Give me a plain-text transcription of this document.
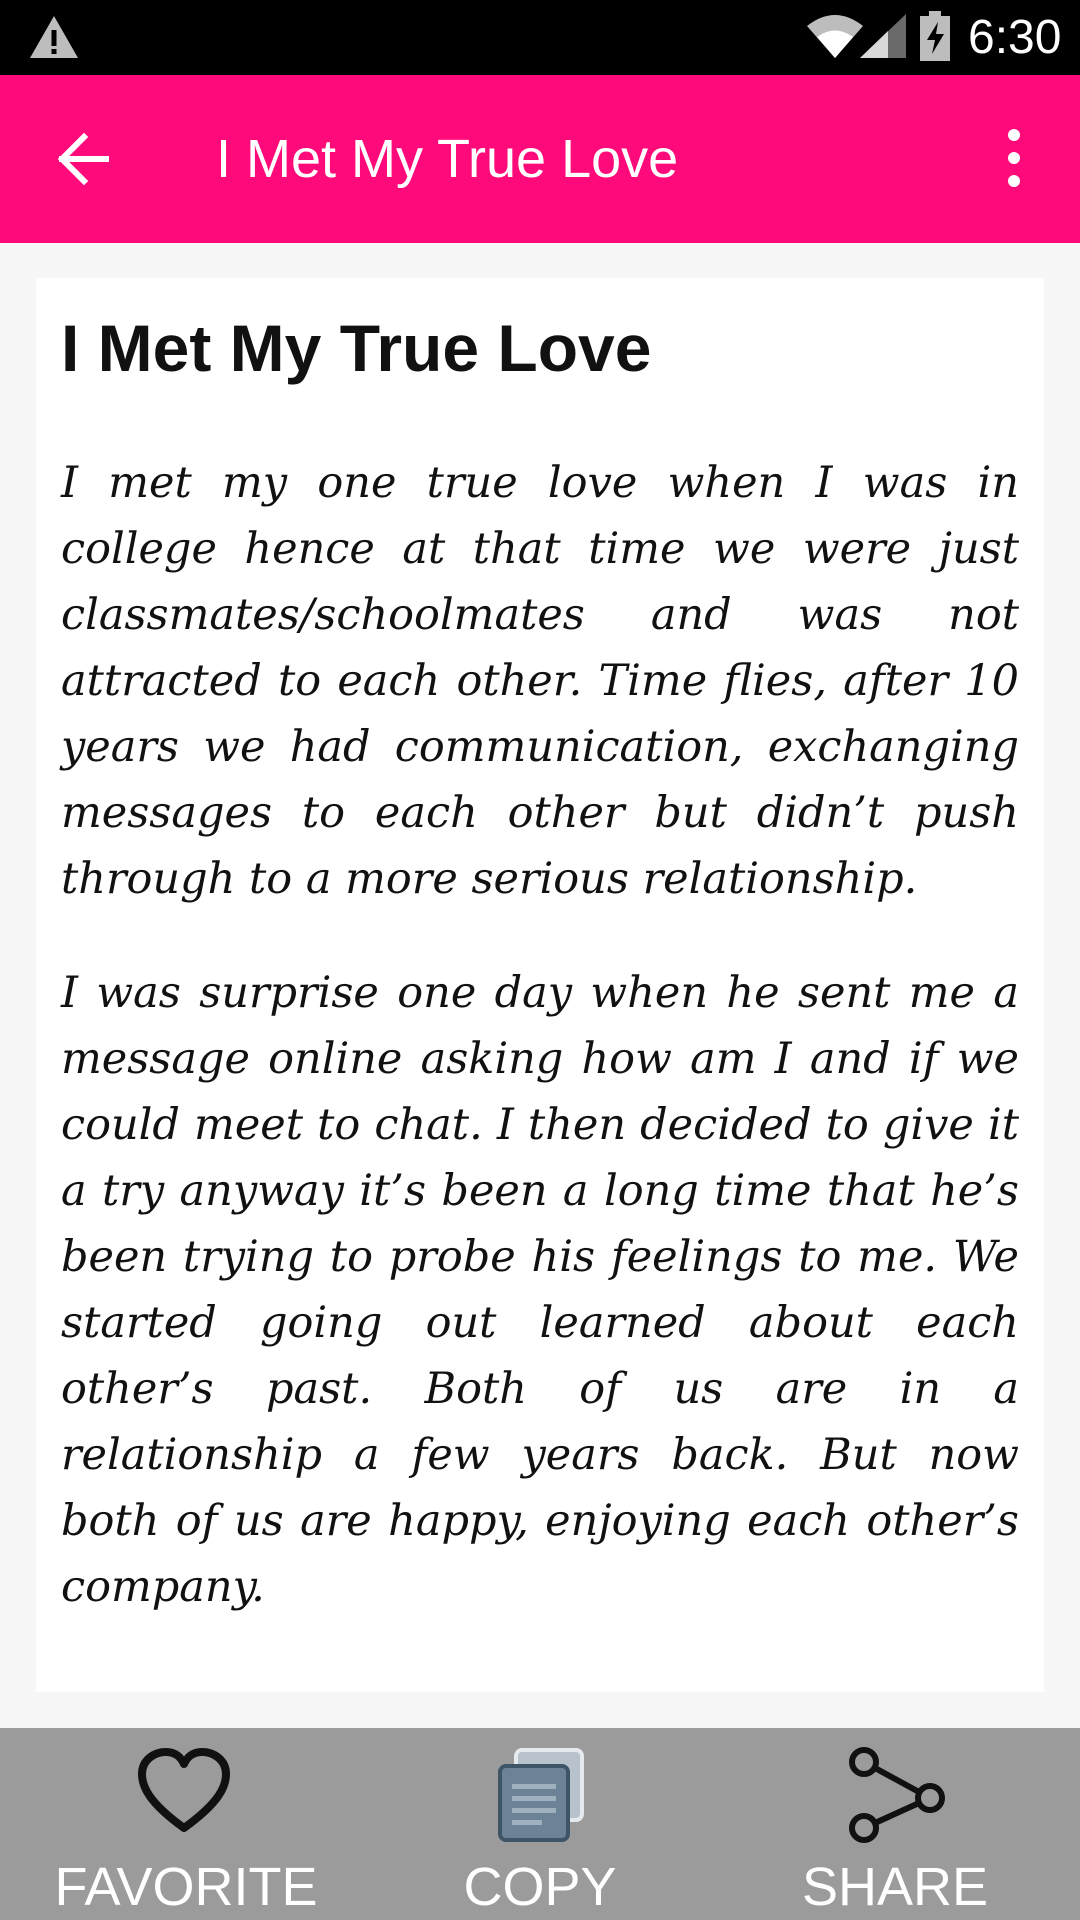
6:30
I Met My True Love
I Met My True Love

I met my one true love when I was in college hence at that time we were just classmates/schoolmates and was not attracted to each other. Time flies, after 10 years we had communication, exchanging messages to each other but didn’t push through to a more serious relationship.

I was surprise one day when he sent me a message online asking how am I and if we could meet to chat. I then decided to give it a try anyway it’s been a long time that he’s been trying to probe his feelings to me. We started going out learned about each other’s past. Both of us are in a relationship a few years back. But now both of us are happy, enjoying each other’s company.

FAVORITE	COPY	SHARE
